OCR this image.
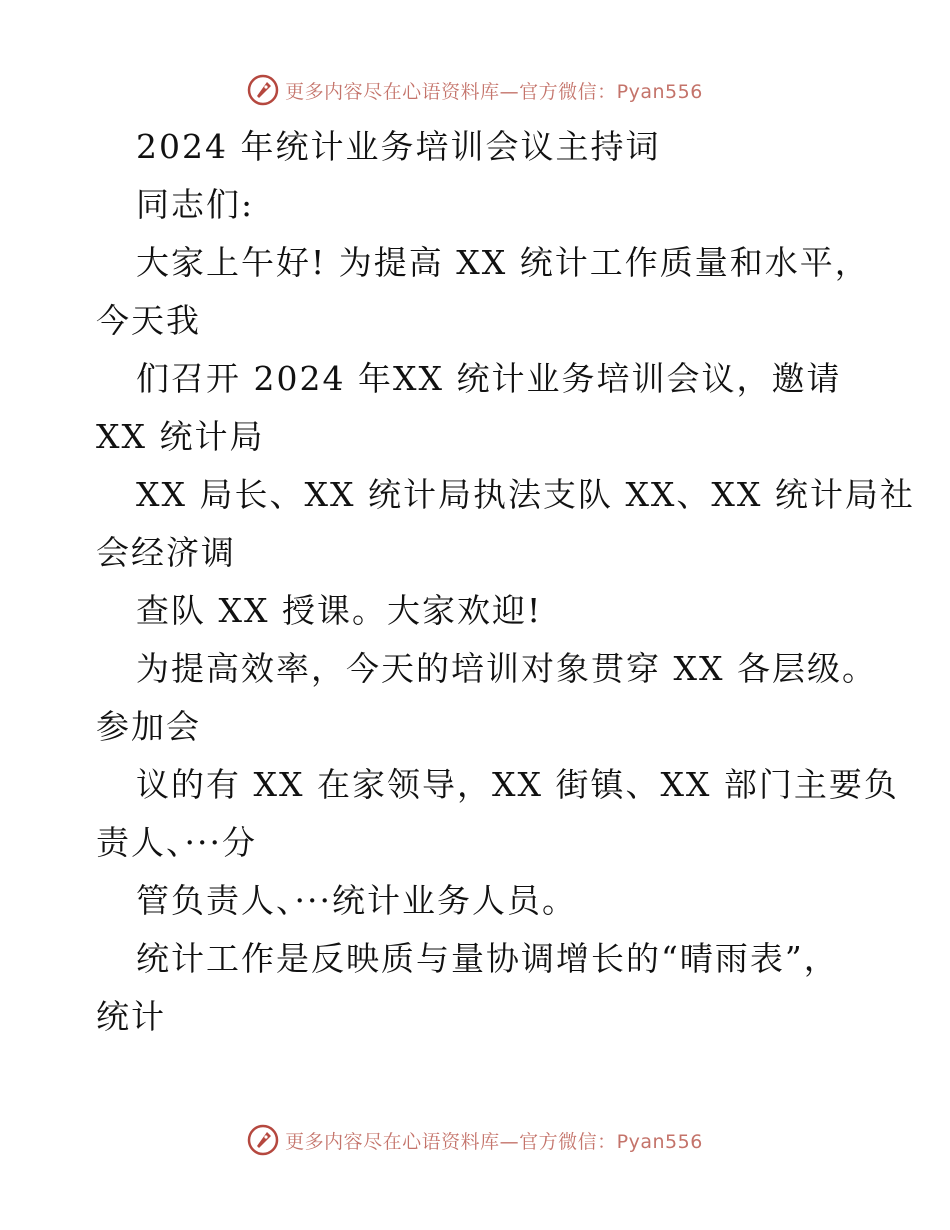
更多内容尽在心语资料库—官方微信：Pyan556
2024 年统计业务培训会议主持词
同志们:
大家上午好! 为提高 XX 统计工作质量和水平，
今天我
们召开 2024 年XX 统计业务培训会议，邀请
XX 统计局
XX 局长、XX 统计局执法支队 XX、XX 统计局社
会经济调
查队 XX 授课。大家欢迎!
为提高效率，今天的培训对象贯穿 XX 各层级。
参加会
议的有 XX 在家领导，XX 街镇、XX 部门主要负
责人、···分
管负责人、···统计业务人员。
统计工作是反映质与量协调增长的“晴雨表”，
统计
更多内容尽在心语资料库—官方微信：Pyan556
